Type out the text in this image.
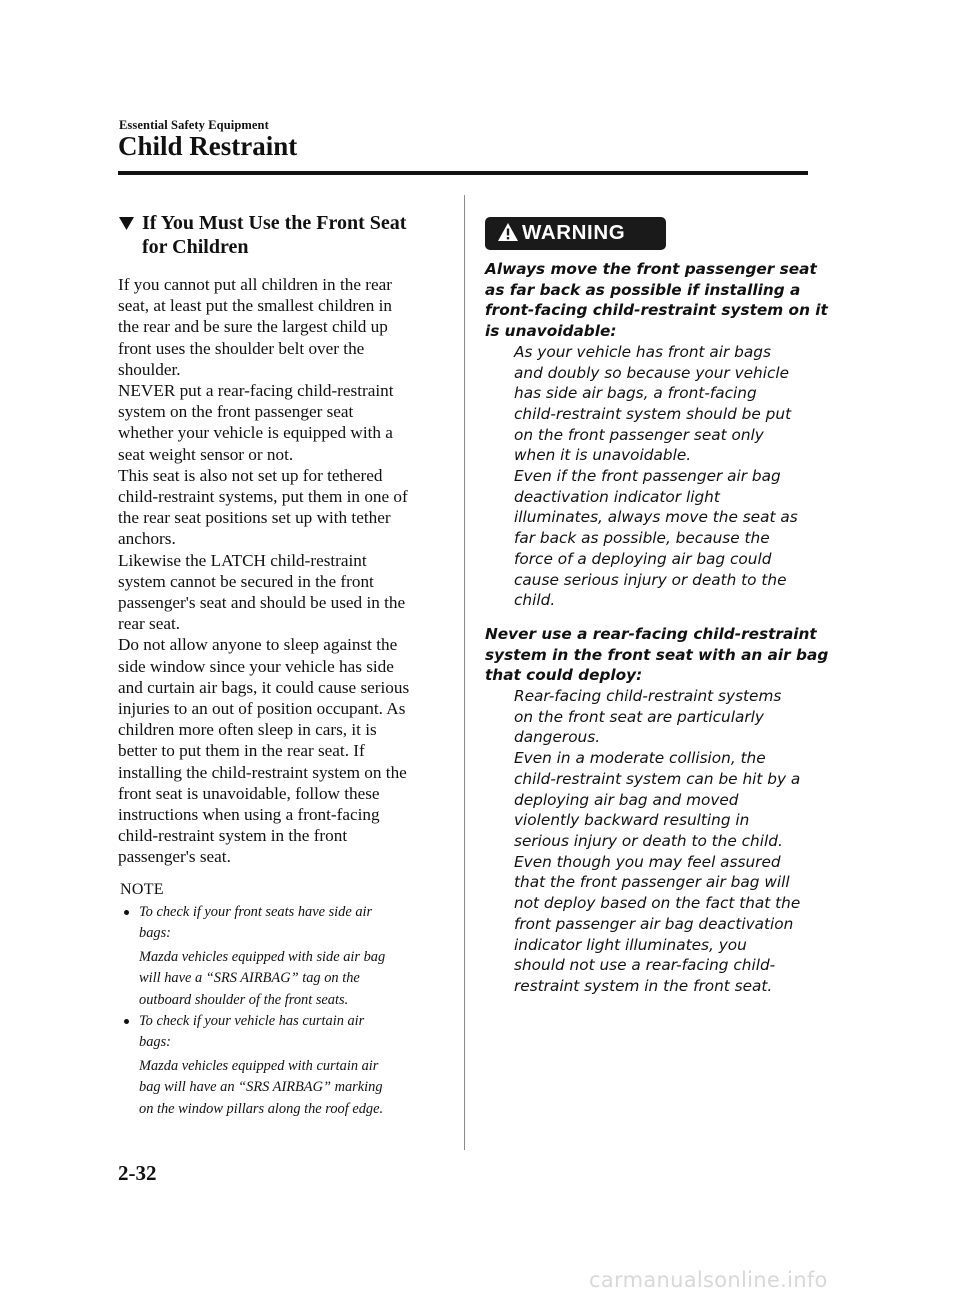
Essential Safety Equipment
Child Restraint
If You Must Use the Front Seat
for Children

If you cannot put all children in the rear
seat, at least put the smallest children in
the rear and be sure the largest child up
front uses the shoulder belt over the
shoulder.
NEVER put a rear-facing child-restraint
system on the front passenger seat
whether your vehicle is equipped with a
seat weight sensor or not.
This seat is also not set up for tethered
child-restraint systems, put them in one of
the rear seat positions set up with tether
anchors.
Likewise the LATCH child-restraint
system cannot be secured in the front
passenger's seat and should be used in the
rear seat.
Do not allow anyone to sleep against the
side window since your vehicle has side
and curtain air bags, it could cause serious
injuries to an out of position occupant. As
children more often sleep in cars, it is
better to put them in the rear seat. If
installing the child-restraint system on the
front seat is unavoidable, follow these
instructions when using a front-facing
child-restraint system in the front
passenger's seat.

NOTE

To check if your front seats have side air
bags:

Mazda vehicles equipped with side air bag
will have a “SRS AIRBAG” tag on the
outboard shoulder of the front seats.

To check if your vehicle has curtain air
bags:

Mazda vehicles equipped with curtain air
bag will have an “SRS AIRBAG” marking
on the window pillars along the roof edge.

WARNING

Always move the front passenger seat
as far back as possible if installing a
front-facing child-restraint system on it
is unavoidable:

As your vehicle has front air bags
and doubly so because your vehicle
has side air bags, a front-facing
child-restraint system should be put
on the front passenger seat only
when it is unavoidable.
Even if the front passenger air bag
deactivation indicator light
illuminates, always move the seat as
far back as possible, because the
force of a deploying air bag could
cause serious injury or death to the
child.

Never use a rear-facing child-restraint
system in the front seat with an air bag
that could deploy:

Rear-facing child-restraint systems
on the front seat are particularly
dangerous.
Even in a moderate collision, the
child-restraint system can be hit by a
deploying air bag and moved
violently backward resulting in
serious injury or death to the child.
Even though you may feel assured
that the front passenger air bag will
not deploy based on the fact that the
front passenger air bag deactivation
indicator light illuminates, you
should not use a rear-facing child-
restraint system in the front seat.

2-32
carmanualsonline.info
